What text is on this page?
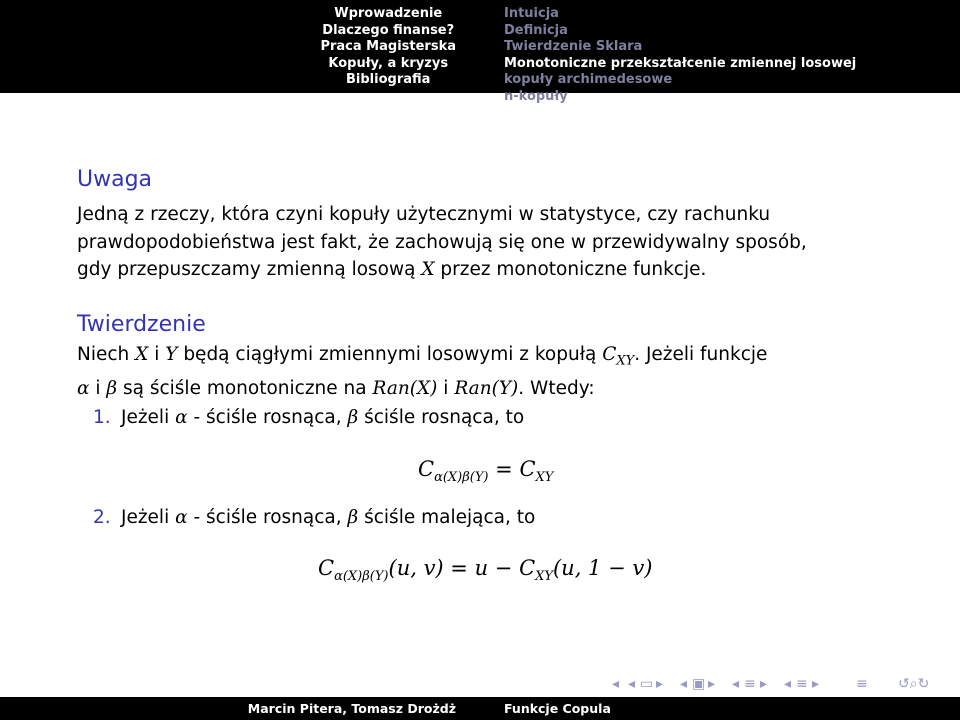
Wprowadzenie
Dlaczego finanse?
Praca Magisterska
Kopuły, a kryzys
Bibliografia
Intuicja
Definicja
Twierdzenie Sklara
Monotoniczne przekształcenie zmiennej losowej
kopuły archimedesowe
n-kopuły
Uwaga
Jedną z rzeczy, która czyni kopuły użytecznymi w statystyce, czy rachunku
prawdopodobieństwa jest fakt, że zachowują się one w przewidywalny sposób,
gdy przepuszczamy zmienną losową X przez monotoniczne funkcje.
Twierdzenie
Niech X i Y będą ciągłymi zmiennymi losowymi z kopułą $C_{XY}$. Jeżeli funkcje
α i β są ściśle monotoniczne na Ran(X) i Ran(Y). Wtedy:
1. Jeżeli α - ściśle rosnąca, β ściśle rosnąca, to
$C_{\alpha(X)\beta(Y)} = C_{XY}$
2. Jeżeli α - ściśle rosnąca, β ściśle malejąca, to
$C_{\alpha(X)\beta(Y)}(u$, $v) = u - C_{XY}(u$, 1 − v)
◂ ◂ ▭ ▸ ◂ ▣ ▸ ◂ ≡ ▸ ◂ ≡ ▸	≡ ↺⌕↻
Marcin Pitera, Tomasz Drożdż	Funkcje Copula
